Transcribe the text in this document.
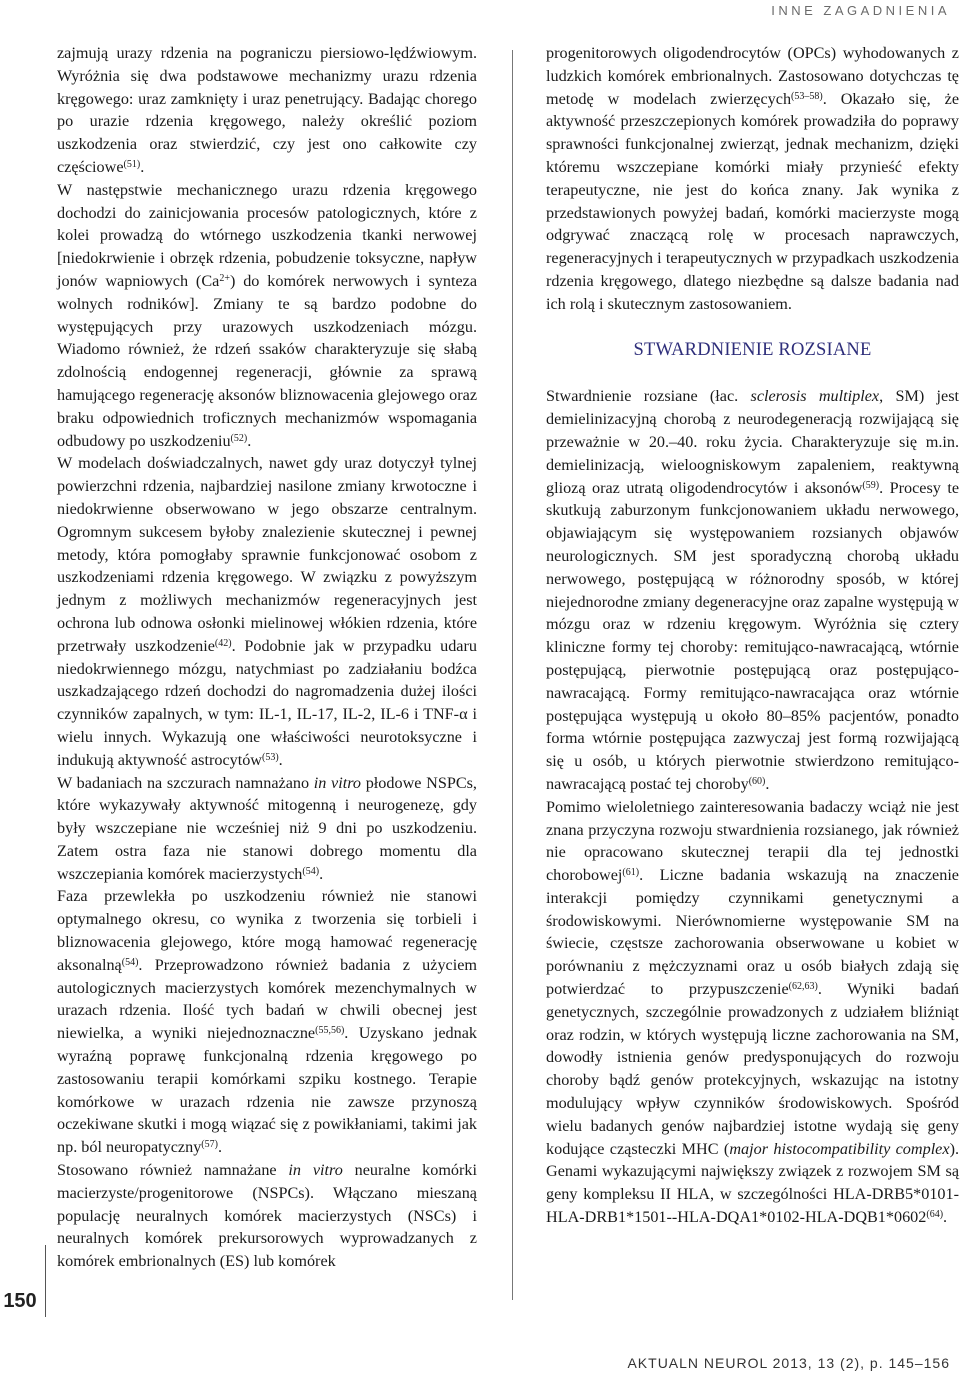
INNE ZAGADNIENIA
150

zajmują urazy rdzenia na pograniczu piersiowo-lędźwiowym. Wyróżnia się dwa podstawowe mechanizmy urazu rdzenia kręgowego: uraz zamknięty i uraz penetrujący. Badając chorego po urazie rdzenia kręgowego, należy określić poziom uszkodzenia oraz stwierdzić, czy jest ono całkowite czy częściowe$^{(51)}$.

W następstwie mechanicznego urazu rdzenia kręgowego dochodzi do zainicjowania procesów patologicznych, które z kolei prowadzą do wtórnego uszkodzenia tkanki nerwowej [niedokrwienie i obrzęk rdzenia, pobudzenie toksyczne, napływ jonów wapniowych $(Ca^{2+})$ do komórek nerwowych i synteza wolnych rodników]. Zmiany te są bardzo podobne do występujących przy urazowych uszkodzeniach mózgu. Wiadomo również, że rdzeń ssaków charakteryzuje się słabą zdolnością endogennej regeneracji, głównie za sprawą hamującego regenerację aksonów bliznowacenia glejowego oraz braku odpowiednich troficznych mechanizmów wspomagania odbudowy po uszkodzeniu$^{(52)}$.

W modelach doświadczalnych, nawet gdy uraz dotyczył tylnej powierzchni rdzenia, najbardziej nasilone zmiany krwotoczne i niedokrwienne obserwowano w jego obszarze centralnym. Ogromnym sukcesem byłoby znalezienie skutecznej i pewnej metody, która pomogłaby sprawnie funkcjonować osobom z uszkodzeniami rdzenia kręgowego. W związku z powyższym jednym z możliwych mechanizmów regeneracyjnych jest ochrona lub odnowa osłonki mielinowej włókien rdzenia, które przetrwały uszkodzenie$^{(42)}$. Podobnie jak w przypadku udaru niedokrwiennego mózgu, natychmiast po zadziałaniu bodźca uszkadzającego rdzeń dochodzi do nagromadzenia dużej ilości czynników zapalnych, w tym: IL-1, IL-17, IL-2, IL-6 i TNF-α i wielu innych. Wykazują one właściwości neurotoksyczne i indukują aktywność astrocytów$^{(53)}$.

W badaniach na szczurach namnażano in vitro płodowe NSPCs, które wykazywały aktywność mitogenną i neurogenezę, gdy były wszczepiane nie wcześniej niż 9 dni po uszkodzeniu. Zatem ostra faza nie stanowi dobrego momentu dla wszczepiania komórek macierzystych$^{(54)}$.

Faza przewlekła po uszkodzeniu również nie stanowi optymalnego okresu, co wynika z tworzenia się torbieli i bliznowacenia glejowego, które mogą hamować regenerację aksonalną$^{(54)}$. Przeprowadzono również badania z użyciem autologicznych macierzystych komórek mezenchymalnych w urazach rdzenia. Ilość tych badań w chwili obecnej jest niewielka, a wyniki niejednoznaczne$^{(55,56)}$. Uzyskano jednak wyraźną poprawę funkcjonalną rdzenia kręgowego po zastosowaniu terapii komórkami szpiku kostnego. Terapie komórkowe w urazach rdzenia nie zawsze przynoszą oczekiwane skutki i mogą wiązać się z powikłaniami, takimi jak np. ból neuropatyczny$^{(57)}$.

Stosowano również namnażane in vitro neuralne komórki macierzyste/progenitorowe (NSPCs). Włączano mieszaną populację neuralnych komórek macierzystych (NSCs) i neuralnych komórek prekursorowych wyprowadzanych z komórek embrionalnych (ES) lub komórek

progenitorowych oligodendrocytów (OPCs) wyhodowanych z ludzkich komórek embrionalnych. Zastosowano dotychczas tę metodę w modelach zwierzęcych$^{(53-58)}$. Okazało się, że aktywność przeszczepionych komórek prowadziła do poprawy sprawności funkcjonalnej zwierząt, jednak mechanizm, dzięki któremu wszczepiane komórki miały przynieść efekty terapeutyczne, nie jest do końca znany. Jak wynika z przedstawionych powyżej badań, komórki macierzyste mogą odgrywać znaczącą rolę w procesach naprawczych, regeneracyjnych i terapeutycznych w przypadkach uszkodzenia rdzenia kręgowego, dlatego niezbędne są dalsze badania nad ich rolą i skutecznym zastosowaniem.

STWARDNIENIE ROZSIANE

Stwardnienie rozsiane (łac. sclerosis multiplex, SM) jest demielinizacyjną chorobą z neurodegeneracją rozwijającą się przeważnie w 20.–40. roku życia. Charakteryzuje się m.in. demielinizacją, wieloogniskowym zapaleniem, reaktywną gliozą oraz utratą oligodendrocytów i aksonów$^{(59)}$. Procesy te skutkują zaburzonym funkcjonowaniem układu nerwowego, objawiającym się występowaniem rozsianych objawów neurologicznych. SM jest sporadyczną chorobą układu nerwowego, postępującą w różnorodny sposób, w której niejednorodne zmiany degeneracyjne oraz zapalne występują w mózgu oraz w rdzeniu kręgowym. Wyróżnia się cztery kliniczne formy tej choroby: remitująco-nawracającą, wtórnie postępującą, pierwotnie postępującą oraz postępująco-nawracającą. Formy remitująco-nawracająca oraz wtórnie postępująca występują u około 80–85% pacjentów, ponadto forma wtórnie postępująca zazwyczaj jest formą rozwijającą się u osób, u których pierwotnie stwierdzono remitująco-nawracającą postać tej choroby$^{(60)}$.

Pomimo wieloletniego zainteresowania badaczy wciąż nie jest znana przyczyna rozwoju stwardnienia rozsianego, jak również nie opracowano skutecznej terapii dla tej jednostki chorobowej$^{(61)}$. Liczne badania wskazują na znaczenie interakcji pomiędzy czynnikami genetycznymi a środowiskowymi. Nierównomierne występowanie SM na świecie, częstsze zachorowania obserwowane u kobiet w porównaniu z mężczyznami oraz u osób białych zdają się potwierdzać to przypuszczenie$^{(62,63)}$. Wyniki badań genetycznych, szczególnie prowadzonych z udziałem bliźniąt oraz rodzin, w których występują liczne zachorowania na SM, dowodły istnienia genów predysponujących do rozwoju choroby bądź genów protekcyjnych, wskazując na istotny modulujący wpływ czynników środowiskowych. Spośród wielu badanych genów najbardziej istotne wydają się geny kodujące cząsteczki MHC (major histocompatibility complex). Genami wykazującymi największy związek z rozwojem SM są geny kompleksu II HLA, w szczególności HLA-DRB5*0101-HLA-DRB1*1501--HLA-DQA1*0102-HLA-DQB1*0602$^{(64)}$.

AKTUALN NEUROL 2013, 13 (2), p. 145–156
